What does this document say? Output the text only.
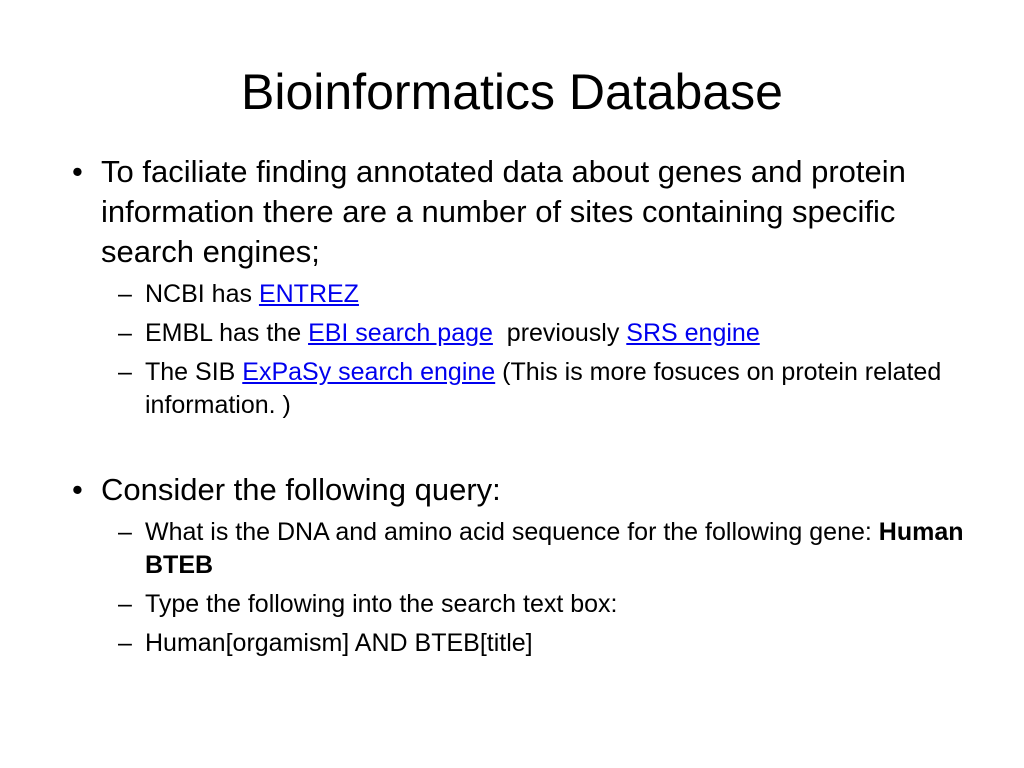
Bioinformatics Database
• To faciliate finding annotated data about genes and protein information there are a number of sites containing specific search engines;
– NCBI has ENTREZ
– EMBL has the EBI search page  previously SRS engine
– The SIB ExPaSy search engine (This is more fosuces on protein related information. )
• Consider the following query:
– What is the DNA and amino acid sequence for the following gene: Human BTEB
– Type the following into the search text box:
– Human[orgamism] AND BTEB[title]
